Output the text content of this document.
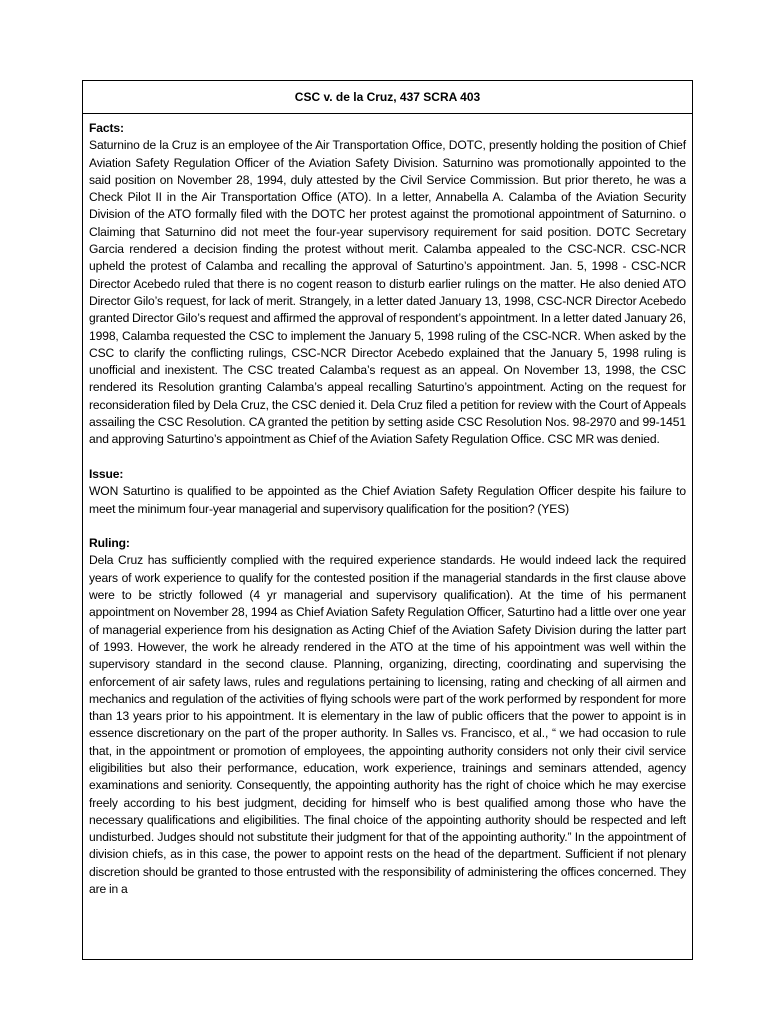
CSC v. de la Cruz, 437 SCRA 403

Facts:

Saturnino de la Cruz is an employee of the Air Transportation Office, DOTC, presently holding the position of Chief Aviation Safety Regulation Officer of the Aviation Safety Division. Saturnino was promotionally appointed to the said position on November 28, 1994, duly attested by the Civil Service Commission. But prior thereto, he was a Check Pilot II in the Air Transportation Office (ATO). In a letter, Annabella A. Calamba of the Aviation Security Division of the ATO formally filed with the DOTC her protest against the promotional appointment of Saturnino. o Claiming that Saturnino did not meet the four-year supervisory requirement for said position. DOTC Secretary Garcia rendered a decision finding the protest without merit. Calamba appealed to the CSC-NCR. CSC-NCR upheld the protest of Calamba and recalling the approval of Saturtino’s appointment. Jan. 5, 1998 - CSC-NCR Director Acebedo ruled that there is no cogent reason to disturb earlier rulings on the matter. He also denied ATO Director Gilo’s request, for lack of merit. Strangely, in a letter dated January 13, 1998, CSC-NCR Director Acebedo granted Director Gilo’s request and affirmed the approval of respondent’s appointment. In a letter dated January 26, 1998, Calamba requested the CSC to implement the January 5, 1998 ruling of the CSC-NCR. When asked by the CSC to clarify the conflicting rulings, CSC-NCR Director Acebedo explained that the January 5, 1998 ruling is unofficial and inexistent. The CSC treated Calamba’s request as an appeal. On November 13, 1998, the CSC rendered its Resolution granting Calamba’s appeal recalling Saturtino’s appointment. Acting on the request for reconsideration filed by Dela Cruz, the CSC denied it. Dela Cruz filed a petition for review with the Court of Appeals assailing the CSC Resolution. CA granted the petition by setting aside CSC Resolution Nos. 98-2970 and 99-1451 and approving Saturtino’s appointment as Chief of the Aviation Safety Regulation Office. CSC MR was denied.

Issue:

WON Saturtino is qualified to be appointed as the Chief Aviation Safety Regulation Officer despite his failure to meet the minimum four-year managerial and supervisory qualification for the position? (YES)

Ruling:

Dela Cruz has sufficiently complied with the required experience standards. He would indeed lack the required years of work experience to qualify for the contested position if the managerial standards in the first clause above were to be strictly followed (4 yr managerial and supervisory qualification). At the time of his permanent appointment on November 28, 1994 as Chief Aviation Safety Regulation Officer, Saturtino had a little over one year of managerial experience from his designation as Acting Chief of the Aviation Safety Division during the latter part of 1993. However, the work he already rendered in the ATO at the time of his appointment was well within the supervisory standard in the second clause. Planning, organizing, directing, coordinating and supervising the enforcement of air safety laws, rules and regulations pertaining to licensing, rating and checking of all airmen and mechanics and regulation of the activities of flying schools were part of the work performed by respondent for more than 13 years prior to his appointment. It is elementary in the law of public officers that the power to appoint is in essence discretionary on the part of the proper authority. In Salles vs. Francisco, et al., “ we had occasion to rule that, in the appointment or promotion of employees, the appointing authority considers not only their civil service eligibilities but also their performance, education, work experience, trainings and seminars attended, agency examinations and seniority. Consequently, the appointing authority has the right of choice which he may exercise freely according to his best judgment, deciding for himself who is best qualified among those who have the necessary qualifications and eligibilities. The final choice of the appointing authority should be respected and left undisturbed. Judges should not substitute their judgment for that of the appointing authority.” In the appointment of division chiefs, as in this case, the power to appoint rests on the head of the department. Sufficient if not plenary discretion should be granted to those entrusted with the responsibility of administering the offices concerned. They are in a
